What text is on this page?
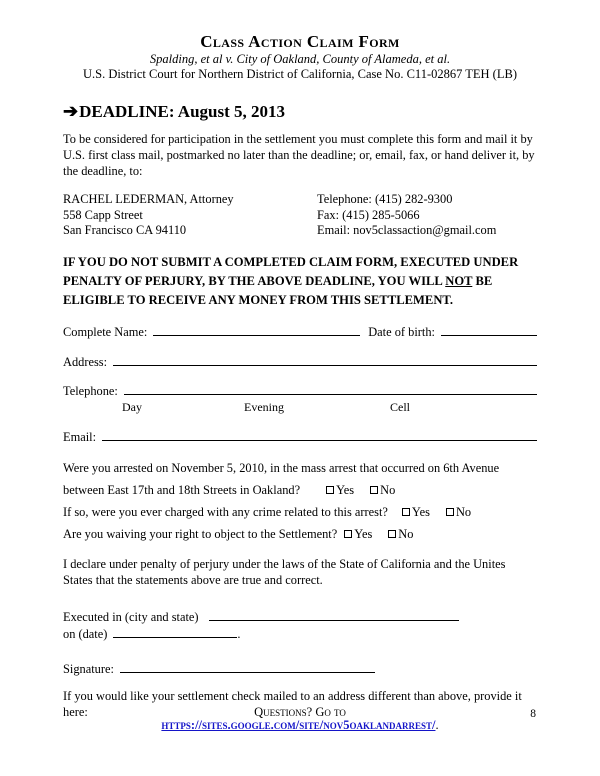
Class Action Claim Form
Spalding, et al v. City of Oakland, County of Alameda, et al.
U.S. District Court for Northern District of California, Case No. C11-02867 TEH (LB)
➔DEADLINE: August 5, 2013

To be considered for participation in the settlement you must complete this form and mail it by U.S. first class mail, postmarked no later than the deadline; or, email, fax, or hand deliver it, by the deadline, to:

RACHEL LEDERMAN, Attorney
558 Capp Street
San Francisco CA 94110
Telephone: (415) 282-9300
Fax: (415) 285-5066
Email: nov5classaction@gmail.com

IF YOU DO NOT SUBMIT A COMPLETED CLAIM FORM, EXECUTED UNDER PENALTY OF PERJURY, BY THE ABOVE DEADLINE, YOU WILL NOT BE ELIGIBLE TO RECEIVE ANY MONEY FROM THIS SETTLEMENT.

Complete Name:	Date of birth:
Address:
Telephone:
Day	Evening	Cell
Email:

Were you arrested on November 5, 2010, in the mass arrest that occurred on 6th Avenue between East 17th and 18th Streets in Oakland?	Yes No

If so, were you ever charged with any crime related to this arrest? Yes No

Are you waiving your right to object to the Settlement? Yes No

I declare under penalty of perjury under the laws of the State of California and the Unites States that the statements above are true and correct.

Executed in (city and state)
on (date)	.
Signature:

If you would like your settlement check mailed to an address different than above, provide it here:	Questions? Go to
https://sites.google.com/site/nov5oaklandarrest/.
8
